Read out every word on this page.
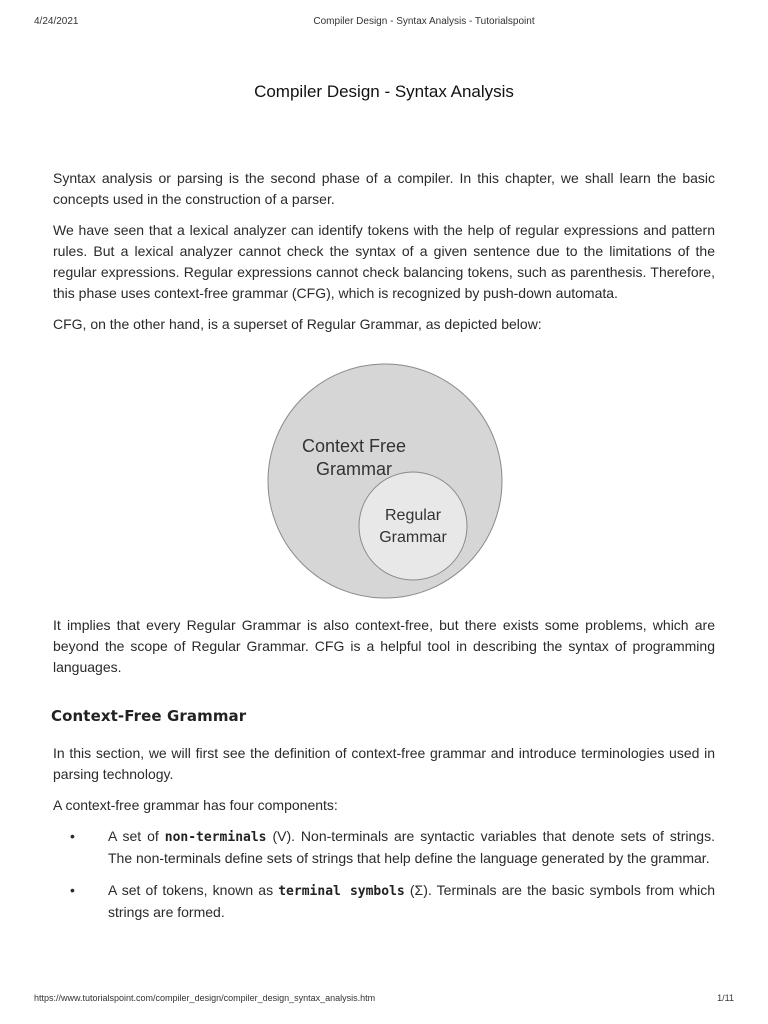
4/24/2021	Compiler Design - Syntax Analysis - Tutorialspoint
Compiler Design - Syntax Analysis

Syntax analysis or parsing is the second phase of a compiler. In this chapter, we shall learn the basic concepts used in the construction of a parser.

We have seen that a lexical analyzer can identify tokens with the help of regular expressions and pattern rules. But a lexical analyzer cannot check the syntax of a given sentence due to the limitations of the regular expressions. Regular expressions cannot check balancing tokens, such as parenthesis. Therefore, this phase uses context-free grammar (CFG), which is recognized by push-down automata.

CFG, on the other hand, is a superset of Regular Grammar, as depicted below:

Context Free
Grammar
Regular
Grammar

It implies that every Regular Grammar is also context-free, but there exists some problems, which are beyond the scope of Regular Grammar. CFG is a helpful tool in describing the syntax of programming languages.

Context-Free Grammar

In this section, we will first see the definition of context-free grammar and introduce terminologies used in parsing technology.

A context-free grammar has four components:

• A set of non-terminals (V). Non-terminals are syntactic variables that denote sets of strings. The non-terminals define sets of strings that help define the language generated by the grammar.
• A set of tokens, known as terminal symbols (Σ). Terminals are the basic symbols from which strings are formed.
https://www.tutorialspoint.com/compiler_design/compiler_design_syntax_analysis.htm	1/11
